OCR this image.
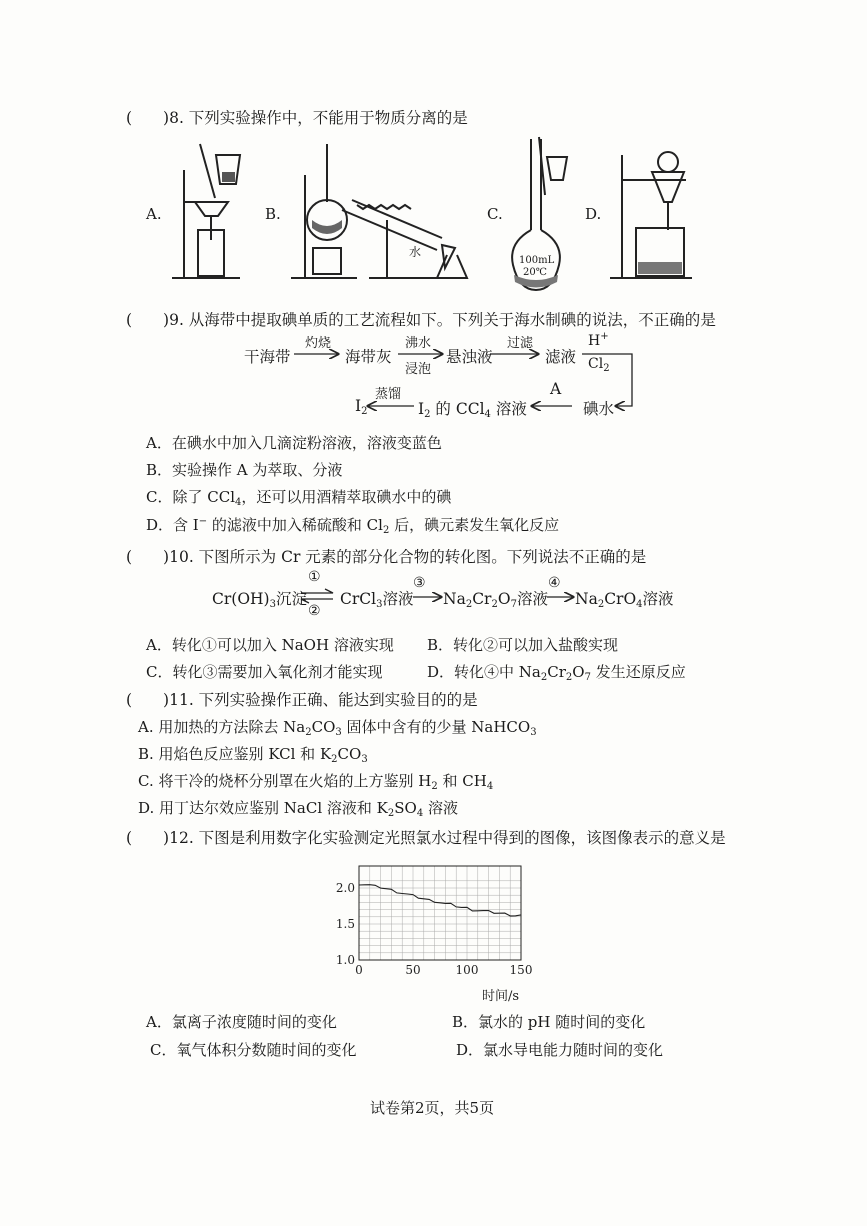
(　　)8. 下列实验操作中，不能用于物质分离的是
A.	B.	C.	D.
水
100mL
20℃
(　　)9. 从海带中提取碘单质的工艺流程如下。下列关于海水制碘的说法，不正确的是
干海带
灼烧
海带灰
沸水
浸泡
悬浊液
过滤
滤液
H+
$Cl_2$
A
碘水
$I_2$ 的 CCl$_4$ 溶液
蒸馏
$I_2$
A．在碘水中加入几滴淀粉溶液，溶液变蓝色
B．实验操作 A 为萃取、分液
C．除了 CCl$_4$，还可以用酒精萃取碘水中的碘
D．含 I− 的滤液中加入稀硫酸和 $Cl_2$ 后，碘元素发生氧化反应
(　　)10. 下图所示为 Cr 元素的部分化合物的转化图。下列说法不正确的是
$Cr(OH)_3$沉淀
①
②
CrCl$_3$溶液
③
$Na_2Cr_2O_7$溶液
④
$Na_2CrO_4$溶液
A．转化①可以加入 NaOH 溶液实现 B．转化②可以加入盐酸实现
C．转化③需要加入氧化剂才能实现	D．转化④中 $Na_2Cr_2O_7$ 发生还原反应
(　　)11. 下列实验操作正确、能达到实验目的的是
A. 用加热的方法除去 $Na_2CO_3$ 固体中含有的少量 NaHCO$_3$
B. 用焰色反应鉴别 KCl 和 $K_2CO_3$
C. 将干冷的烧杯分别罩在火焰的上方鉴别 $H_2$ 和 $CH_4$
D. 用丁达尔效应鉴别 NaCl 溶液和 $K_2SO_4$ 溶液
(　　)12. 下图是利用数字化实验测定光照氯水过程中得到的图像，该图像表示的意义是
0	50	100	150
1.0
1.5
2.0
时间/s
A．氯离子浓度随时间的变化	B．氯水的 pH 随时间的变化
C．氧气体积分数随时间的变化	D．氯水导电能力随时间的变化
试卷第2页，共5页
